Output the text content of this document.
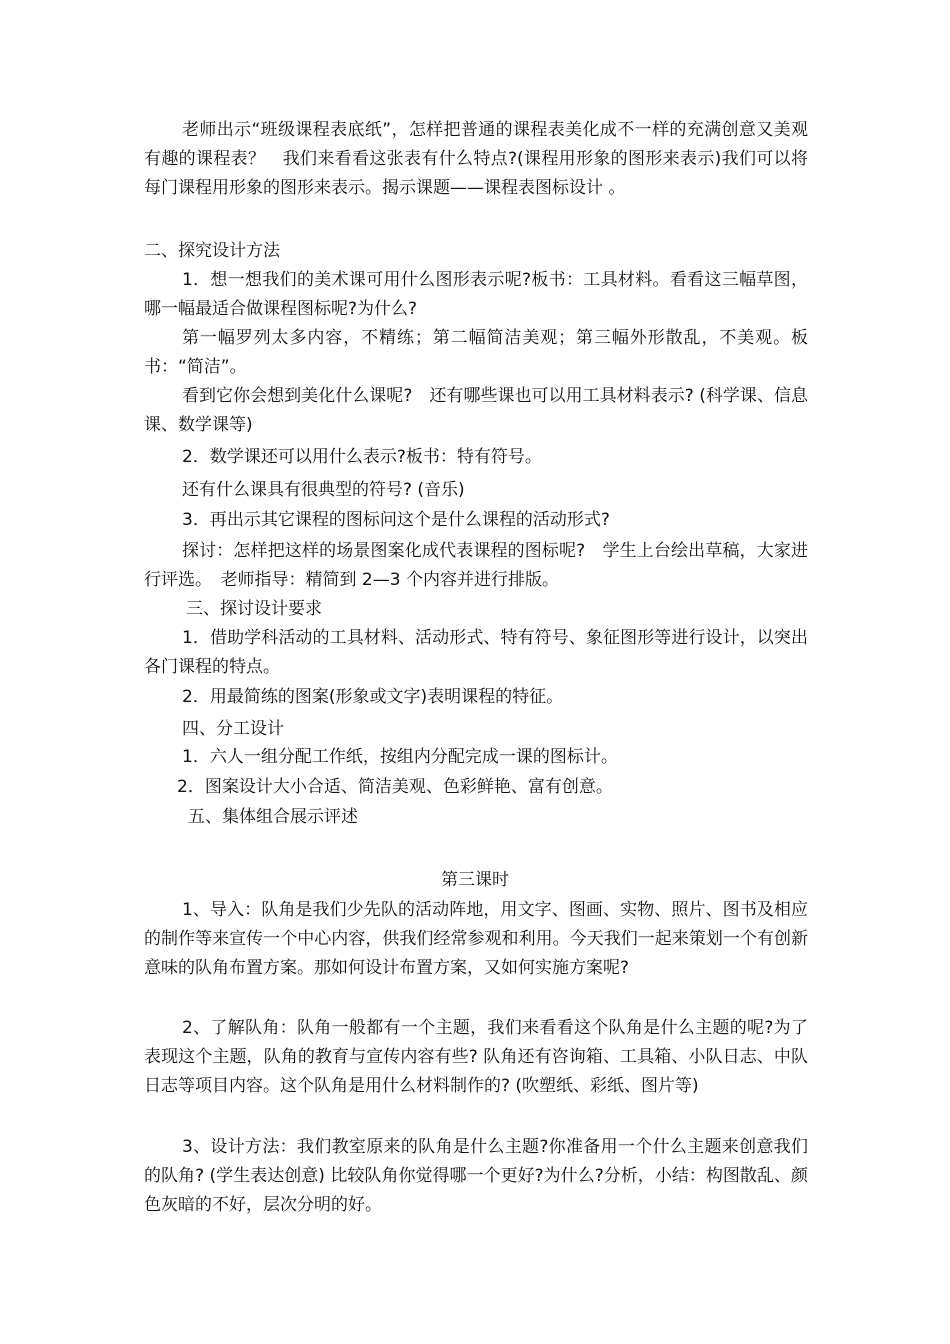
老师出示“班级课程表底纸”，怎样把普通的课程表美化成不一样的充满创意又美观有趣的课程表？　我们来看看这张表有什么特点?(课程用形象的图形来表示)我们可以将每门课程用形象的图形来表示。揭示课题——课程表图标设计 。

二、探究设计方法

1．想一想我们的美术课可用什么图形表示呢?板书：工具材料。看看这三幅草图，哪一幅最适合做课程图标呢?为什么?

第一幅罗列太多内容，不精练；第二幅简洁美观；第三幅外形散乱，不美观。板书：“简洁”。

看到它你会想到美化什么课呢?　还有哪些课也可以用工具材料表示? (科学课、信息课、数学课等)

2．数学课还可以用什么表示?板书：特有符号。

还有什么课具有很典型的符号? (音乐)

3．再出示其它课程的图标问这个是什么课程的活动形式?

探讨：怎样把这样的场景图案化成代表课程的图标呢?　学生上台绘出草稿，大家进行评选。　老师指导：精简到 2—3 个内容并进行排版。

三、探讨设计要求

1．借助学科活动的工具材料、活动形式、特有符号、象征图形等进行设计，以突出各门课程的特点。

2．用最简练的图案(形象或文字)表明课程的特征。

四、分工设计

1．六人一组分配工作纸，按组内分配完成一课的图标计。

2．图案设计大小合适、简洁美观、色彩鲜艳、富有创意。

五、集体组合展示评述

第三课时

1、导入：队角是我们少先队的活动阵地，用文字、图画、实物、照片、图书及相应的制作等来宣传一个中心内容，供我们经常参观和利用。今天我们一起来策划一个有创新意味的队角布置方案。那如何设计布置方案，又如何实施方案呢?

2、了解队角：队角一般都有一个主题，我们来看看这个队角是什么主题的呢?为了表现这个主题，队角的教育与宣传内容有些? 队角还有咨询箱、工具箱、小队日志、中队日志等项目内容。这个队角是用什么材料制作的? (吹塑纸、彩纸、图片等)

3、设计方法：我们教室原来的队角是什么主题?你准备用一个什么主题来创意我们的队角? (学生表达创意) 比较队角你觉得哪一个更好?为什么?分析，小结：构图散乱、颜色灰暗的不好，层次分明的好。
